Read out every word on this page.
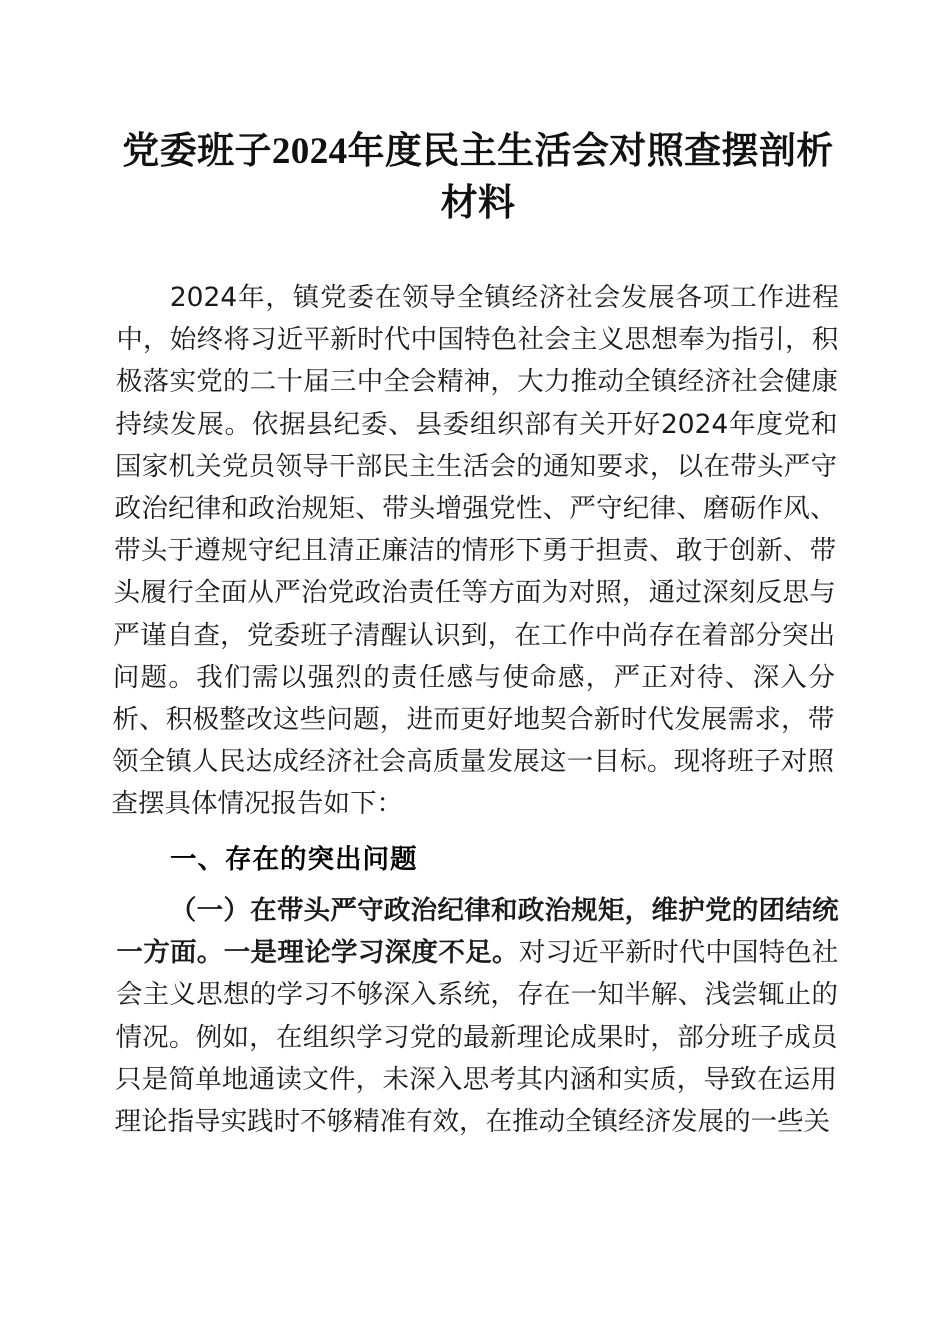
党委班子2024年度民主生活会对照查摆剖析材料

2024年，镇党委在领导全镇经济社会发展各项工作进程中，始终将习近平新时代中国特色社会主义思想奉为指引，积极落实党的二十届三中全会精神，大力推动全镇经济社会健康持续发展。依据县纪委、县委组织部有关开好2024年度党和国家机关党员领导干部民主生活会的通知要求，以在带头严守政治纪律和政治规矩、带头增强党性、严守纪律、磨砺作风、带头于遵规守纪且清正廉洁的情形下勇于担责、敢于创新、带头履行全面从严治党政治责任等方面为对照，通过深刻反思与严谨自查，党委班子清醒认识到，在工作中尚存在着部分突出问题。我们需以强烈的责任感与使命感，严正对待、深入分析、积极整改这些问题，进而更好地契合新时代发展需求，带领全镇人民达成经济社会高质量发展这一目标。现将班子对照查摆具体情况报告如下：

一、存在的突出问题

（一）在带头严守政治纪律和政治规矩，维护党的团结统一方面。一是理论学习深度不足。对习近平新时代中国特色社会主义思想的学习不够深入系统，存在一知半解、浅尝辄止的情况。例如，在组织学习党的最新理论成果时，部分班子成员只是简单地通读文件，未深入思考其内涵和实质，导致在运用理论指导实践时不够精准有效，在推动全镇经济发展的一些关
